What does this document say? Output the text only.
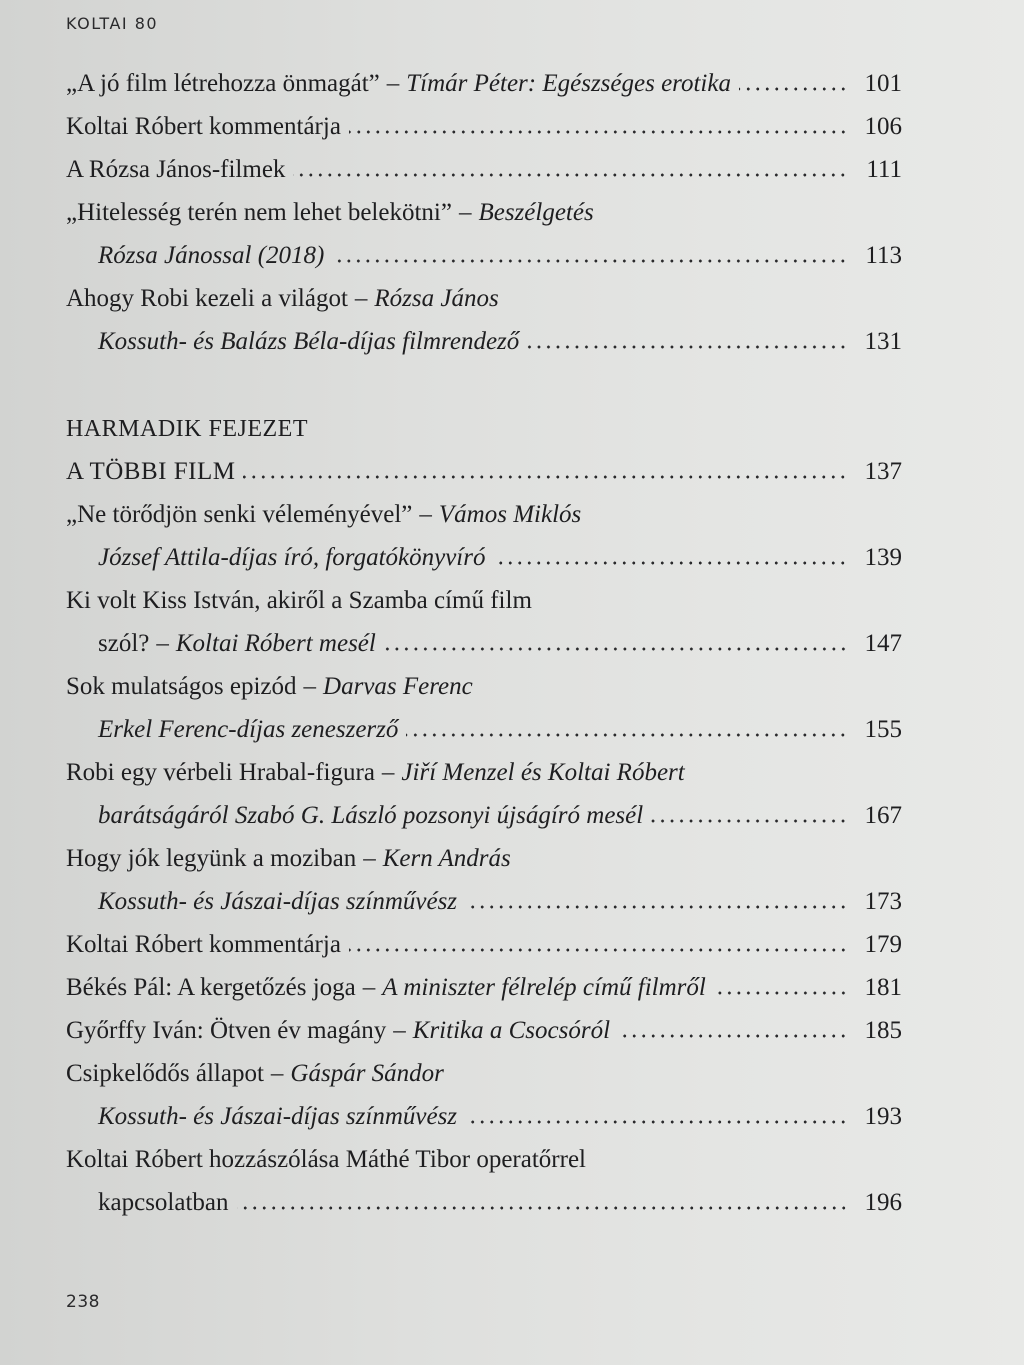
KOLTAI 80
„A jó film létrehozza önmagát” – Tímár Péter: Egészséges erotika	101
Koltai Róbert kommentárja	106
A Rózsa János-filmek	111
„Hitelesség terén nem lehet belekötni” – Beszélgetés
Rózsa Jánossal (2018)	113
Ahogy Robi kezeli a világot – Rózsa János
Kossuth- és Balázs Béla-díjas filmrendező	131
HARMADIK FEJEZET
A TÖBBI FILM	137
„Ne törődjön senki véleményével” – Vámos Miklós
József Attila-díjas író, forgatókönyvíró	139
Ki volt Kiss István, akiről a Szamba című film
szól? – Koltai Róbert mesél	147
Sok mulatságos epizód – Darvas Ferenc
Erkel Ferenc-díjas zeneszerző	155
Robi egy vérbeli Hrabal-figura – Jiří Menzel és Koltai Róbert
barátságáról Szabó G. László pozsonyi újságíró mesél	167
Hogy jók legyünk a moziban – Kern András
Kossuth- és Jászai-díjas színművész	173
Koltai Róbert kommentárja	179
Békés Pál: A kergetőzés joga – A miniszter félrelép című filmről	181
Győrffy Iván: Ötven év magány – Kritika a Csocsóról	185
Csipkelődős állapot – Gáspár Sándor
Kossuth- és Jászai-díjas színművész	193
Koltai Róbert hozzászólása Máthé Tibor operatőrrel
kapcsolatban	196
238
